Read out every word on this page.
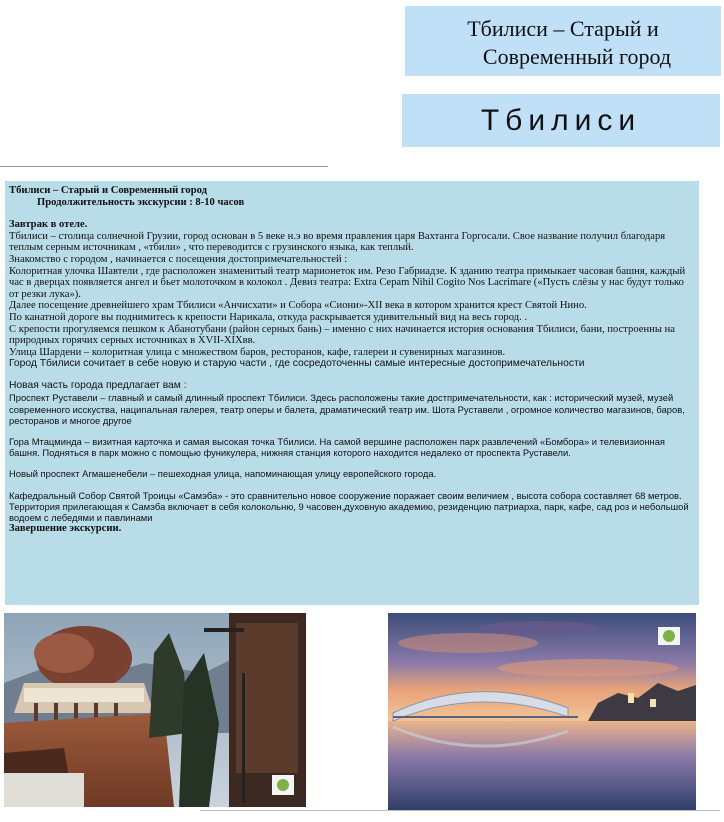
Тбилиси – Старый и
Современный город
Тбилиси

Тбилиси – Старый и Современный город

Продолжительность экскурсии : 8-10 часов

Завтрак в отеле.

Тбилиси – столица солнечной Грузии, город основан в 5 веке н.э во время правления царя Вахтанга Горгосали. Свое название получил благодаря теплым серным источникам , «тбили» , что переводится с грузинского языка, как теплый.

Знакомство с городом , начинается с посещения достопримечательностей :

Колоритная улочка Шавтели , где расположен знаменитый театр марионеток им. Резо Габриадзе. К зданию театра примыкает часовая башня, каждый час в дверцах появляется ангел и бьет молоточком в колокол . Девиз театра: Extra Cepam Nihil Cogito Nos Lacrimare («Пусть слёзы у нас будут только от резки лука»).

Далее посещение древнейшего храм Тбилиси «Анчисхати» и Собора «Сиони»-XII века в котором хранится крест Святой Нино.

По канатной дороге вы поднимитесь к крепости Нарикала, откуда раскрывается удивительный вид на весь город. .

С крепости прогуляемся пешком к Абанотубани (район серных бань) – именно с них начинается история основания Тбилиси, бани, построенны на природных горячих серных источниках в XVII-XIXвв.

Улица Шардени – колоритная улица с множеством баров, ресторанов, кафе, галереи и сувенирных магазинов.

Город Тбилиси сочитает в себе новую и старую части , где сосредоточенны самые интересные достопримечательности

Новая часть города предлагает вам :

Проспект Руставели – главный и самый длинный проспект Тбилиси. Здесь расположены такие достпримечательности, как : исторический музей, музей современного исскуства, нациnальная галерея, театр оперы и балета, драматический театр им. Шота Руставели , огромное количество магазинов, баров, ресторанов и многое другое

Гора Мтацминда – визитная карточка и самая высокая точка Тбилиси. На самой вершине расположен парк развлечений «Бомбора» и телевизионная башня. Подняться в парк можно с помощью фуникулера, нижняя станция которого находится недалеко от проспекта Руставели.

Новый проспект Агмашенебели – пешеходная улица, напоминающая улицу европейского города.

Кафедральный Собор Святой Троицы «Самэба» - это сравнительно новое сооружение поражает своим величием , высота собора составляет 68 метров. Территория прилегающая к Самэба включает в себя колокольню, 9 часовен,духовную академию, резиденцию патриарха, парк, кафе, сад роз и небольшой водоем с лебедями и павлинами

Завершение экскурсии.
